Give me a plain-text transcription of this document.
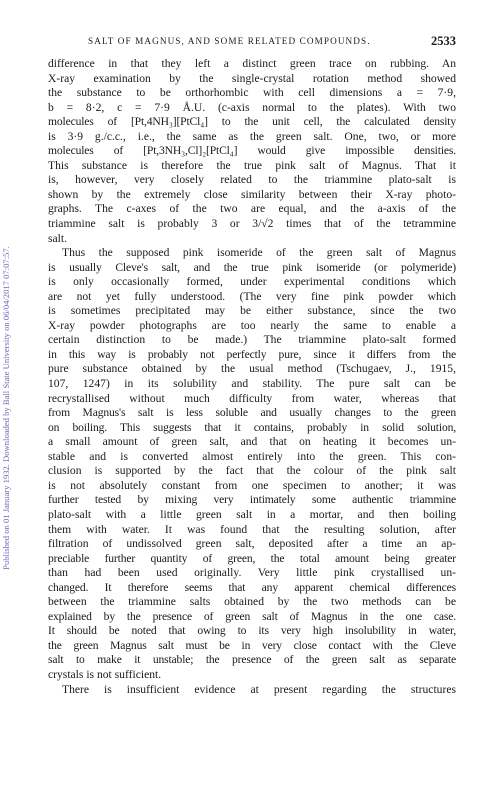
SALT OF MAGNUS, AND SOME RELATED COMPOUNDS.	2533
Published on 01 January 1932. Downloaded by Ball State University on 06/04/2017 07:07:57.
difference in that they left a distinct green trace on rubbing. An
X-ray examination by the single-crystal rotation method showed
the substance to be orthorhombic with cell dimensions a = 7·9,
b = 8·2, c = 7·9 Å.U. (c-axis normal to the plates). With two
molecules of [Pt,4NH₃][PtCl₄] to the unit cell, the calculated density
is 3·9 g./c.c., i.e., the same as the green salt. One, two, or more
molecules of [Pt,3NH₃,Cl]₂[PtCl₄] would give impossible densities.
This substance is therefore the true pink salt of Magnus. That it
is, however, very closely related to the triammine plato-salt is
shown by the extremely close similarity between their X-ray photo-
graphs. The c-axes of the two are equal, and the a-axis of the
triammine salt is probably 3 or 3/√2 times that of the tetrammine
salt.
Thus the supposed pink isomeride of the green salt of Magnus
is usually Cleve's salt, and the true pink isomeride (or polymeride)
is only occasionally formed, under experimental conditions which
are not yet fully understood. (The very fine pink powder which
is sometimes precipitated may be either substance, since the two
X-ray powder photographs are too nearly the same to enable a
certain distinction to be made.) The triammine plato-salt formed
in this way is probably not perfectly pure, since it differs from the
pure substance obtained by the usual method (Tschugaev, J., 1915,
107, 1247) in its solubility and stability. The pure salt can be
recrystallised without much difficulty from water, whereas that
from Magnus's salt is less soluble and usually changes to the green
on boiling. This suggests that it contains, probably in solid solution,
a small amount of green salt, and that on heating it becomes un-
stable and is converted almost entirely into the green. This con-
clusion is supported by the fact that the colour of the pink salt
is not absolutely constant from one specimen to another; it was
further tested by mixing very intimately some authentic triammine
plato-salt with a little green salt in a mortar, and then boiling
them with water. It was found that the resulting solution, after
filtration of undissolved green salt, deposited after a time an ap-
preciable further quantity of green, the total amount being greater
than had been used originally. Very little pink crystallised un-
changed. It therefore seems that any apparent chemical differences
between the triammine salts obtained by the two methods can be
explained by the presence of green salt of Magnus in the one case.
It should be noted that owing to its very high insolubility in water,
the green Magnus salt must be in very close contact with the Cleve
salt to make it unstable; the presence of the green salt as separate
crystals is not sufficient.
There is insufficient evidence at present regarding the structures
